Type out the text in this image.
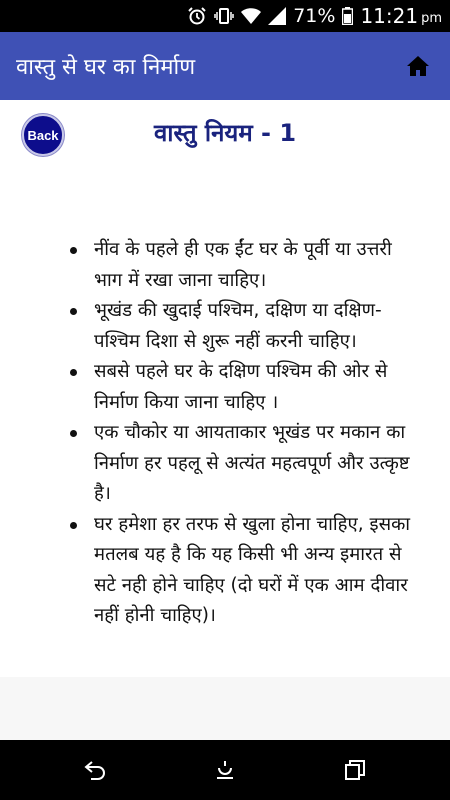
71% 11:21 pm
वास्तु से घर का निर्माण
Back	वास्तु नियम - 1
नींव के पहले ही एक ईंट घर के पूर्वी या उत्तरी भाग में रखा जाना चाहिए।
भूखंड की खुदाई पश्चिम, दक्षिण या दक्षिण-पश्चिम दिशा से शुरू नहीं करनी चाहिए।
सबसे पहले घर के दक्षिण पश्चिम की ओर से निर्माण किया जाना चाहिए ।
एक चौकोर या आयताकार भूखंड पर मकान का निर्माण हर पहलू से अत्यंत महत्वपूर्ण और उत्कृष्ट है।
घर हमेशा हर तरफ से खुला होना चाहिए, इसका मतलब यह है कि यह किसी भी अन्य इमारत से सटे नही होने चाहिए (दो घरों में एक आम दीवार नहीं होनी चाहिए)।
